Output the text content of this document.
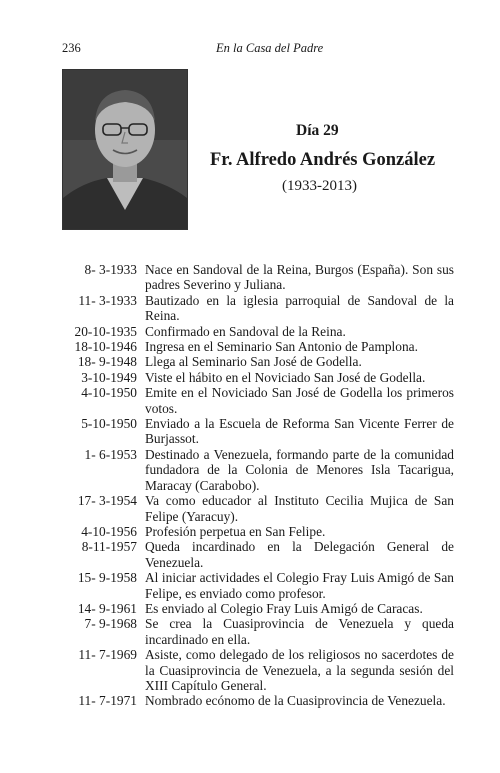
236	En la Casa del Padre
Día 29
Fr. Alfredo Andrés González
(1933-2013)
8- 3-1933 Nace en Sandoval de la Reina, Burgos (España). Son sus padres Severino y Juliana.
11- 3-1933 Bautizado en la iglesia parroquial de Sandoval de la Reina.
20-10-1935 Confirmado en Sandoval de la Reina.
18-10-1946 Ingresa en el Seminario San Antonio de Pamplona.
18- 9-1948 Llega al Seminario San José de Godella.
3-10-1949 Viste el hábito en el Noviciado San José de Godella.
4-10-1950 Emite en el Noviciado San José de Godella los primeros votos.
5-10-1950 Enviado a la Escuela de Reforma San Vicente Ferrer de Burjassot.
1- 6-1953 Destinado a Venezuela, formando parte de la comunidad fundadora de la Colonia de Menores Isla Tacarigua, Maracay (Carabobo).
17- 3-1954 Va como educador al Instituto Cecilia Mujica de San Felipe (Yaracuy).
4-10-1956 Profesión perpetua en San Felipe.
8-11-1957 Queda incardinado en la Delegación General de Venezuela.
15- 9-1958 Al iniciar actividades el Colegio Fray Luis Amigó de San Felipe, es enviado como profesor.
14- 9-1961 Es enviado al Colegio Fray Luis Amigó de Caracas.
7- 9-1968 Se crea la Cuasiprovincia de Venezuela y queda incardinado en ella.
11- 7-1969 Asiste, como delegado de los religiosos no sacerdotes de la Cuasiprovincia de Venezuela, a la segunda sesión del XIII Capítulo General.
11- 7-1971 Nombrado ecónomo de la Cuasiprovincia de Venezuela.
